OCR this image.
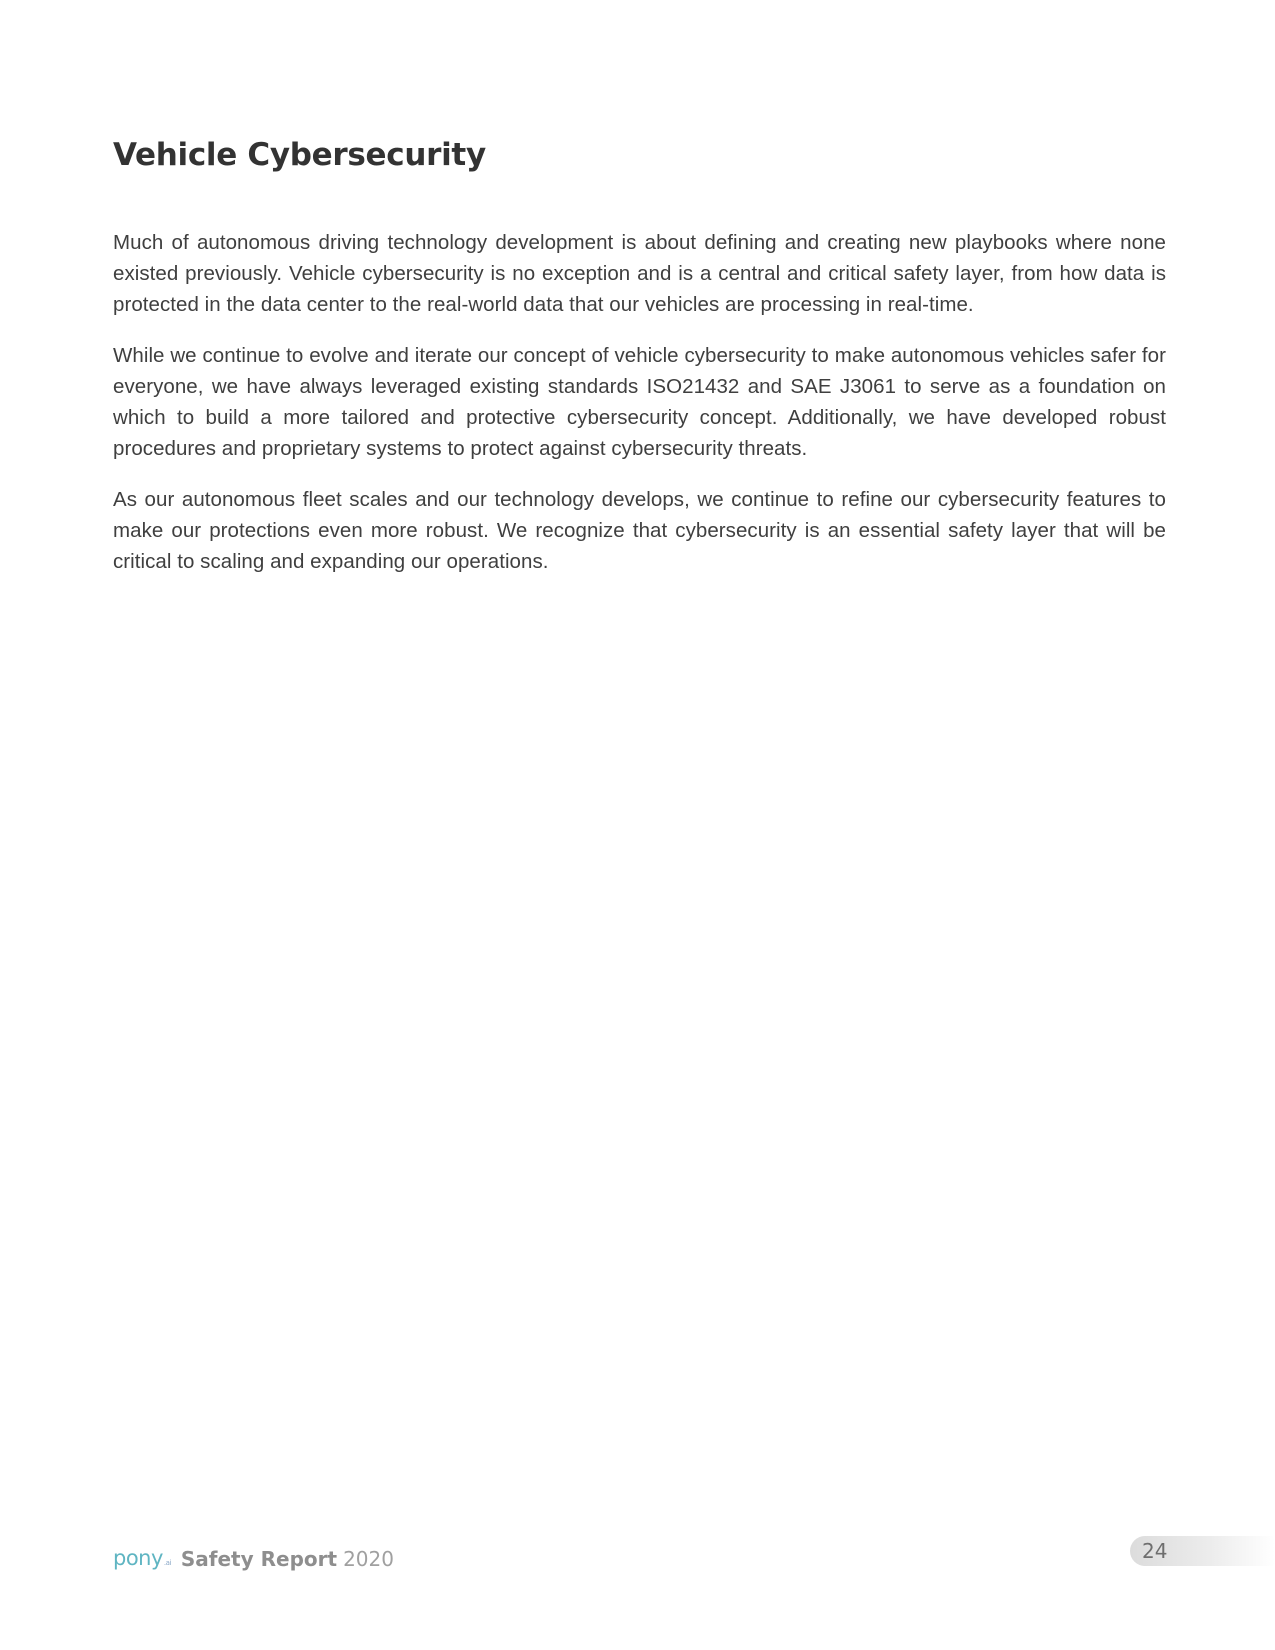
Vehicle Cybersecurity

Much of autonomous driving technology development is about defining and creating new playbooks where none existed previously. Vehicle cybersecurity is no exception and is a central and critical safety layer, from how data is protected in the data center to the real-world data that our vehicles are processing in real-time.

While we continue to evolve and iterate our concept of vehicle cybersecurity to make autonomous vehicles safer for everyone, we have always leveraged existing standards ISO21432 and SAE J3061 to serve as a foundation on which to build a more tailored and protective cybersecurity concept. Additionally, we have developed robust procedures and proprietary systems to protect against cybersecurity threats.

As our autonomous fleet scales and our technology develops, we continue to refine our cybersecurity features to make our protections even more robust. We recognize that cybersecurity is an essential safety layer that will be critical to scaling and expanding our operations.

pony.ai Safety Report 2020	24
